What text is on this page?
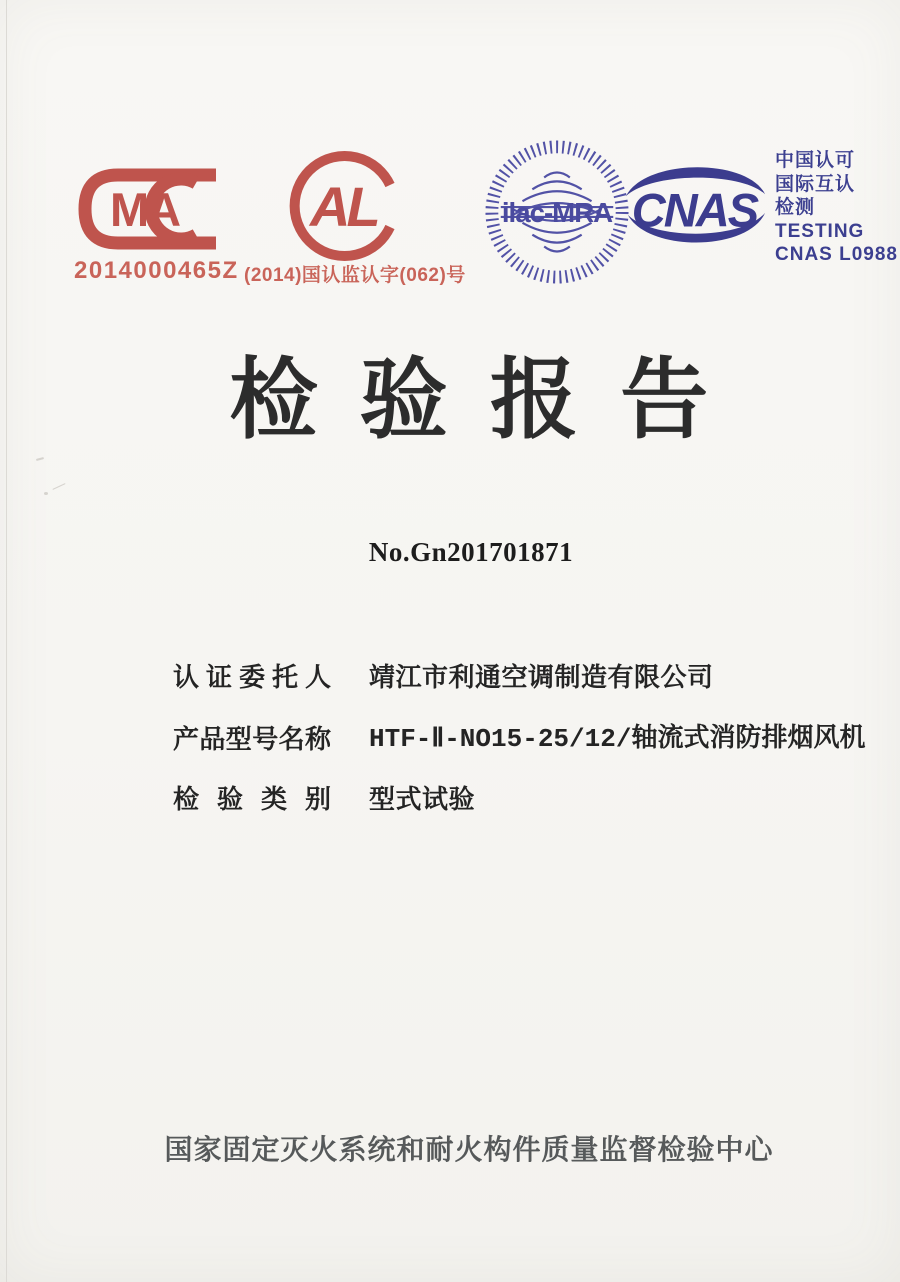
MA
2014000465Z
AL
(2014)国认监认字(062)号
ilac-MRA CNAS
中国认可
国际互认
检测
TESTING
CNAS L0988
检验报告
No.Gn201701871
认证委托人 靖江市利通空调制造有限公司
产品型号名称 HTF-Ⅱ-NO15-25/12/轴流式消防排烟风机
检验类别 型式试验
国家固定灭火系统和耐火构件质量监督检验中心
